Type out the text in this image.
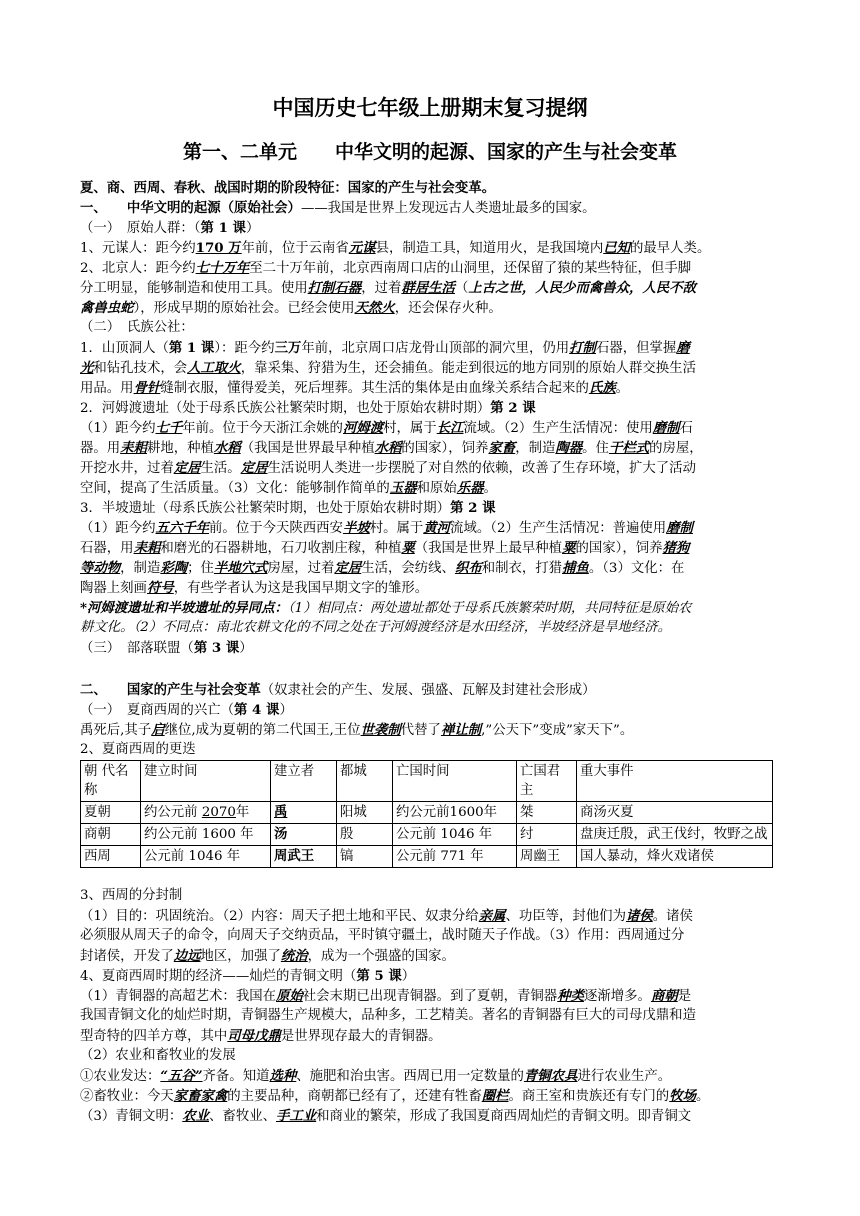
中国历史七年级上册期末复习提纲
第一、二单元　　中华文明的起源、国家的产生与社会变革
夏、商、西周、春秋、战国时期的阶段特征：国家的产生与社会变革。
一、　　中华文明的起源（原始社会）——我国是世界上发现远古人类遗址最多的国家。
（一）　原始人群：（第 1 课）
1、元谋人：距今约170 万年前，位于云南省元谋县，制造工具，知道用火，是我国境内已知的最早人类。
2、北京人：距今约七十万年至二十万年前，北京西南周口店的山洞里，还保留了猿的某些特征，但手脚
分工明显，能够制造和使用工具。使用打制石器，过着群居生活（上古之世，人民少而禽兽众，人民不敌
禽兽虫蛇），形成早期的原始社会。已经会使用天然火，还会保存火种。
（二）　氏族公社：
1．山顶洞人（第 1 课）：距今约三万年前，北京周口店龙骨山顶部的洞穴里，仍用打制石器，但掌握磨
光和钻孔技术，会人工取火，靠采集、狩猎为生，还会捕鱼。能走到很远的地方同别的原始人群交换生活
用品。用骨针缝制衣服，懂得爱美，死后埋葬。其生活的集体是由血缘关系结合起来的氏族。
2．河姆渡遗址（处于母系氏族公社繁荣时期，也处于原始农耕时期）第 2 课
（1）距今约七千年前。位于今天浙江余姚的河姆渡村，属于长江流域。（2）生产生活情况：使用磨制石
器。用耒耜耕地，种植水稻（我国是世界最早种植水稻的国家），饲养家畜，制造陶器。住干栏式的房屋，
开挖水井，过着定居生活。定居生活说明人类进一步摆脱了对自然的依赖，改善了生存环境，扩大了活动
空间，提高了生活质量。（3）文化：能够制作简单的玉器和原始乐器。
3．半坡遗址（母系氏族公社繁荣时期，也处于原始农耕时期）第 2 课
（1）距今约五六千年前。位于今天陕西西安半坡村。属于黄河流域。（2）生产生活情况：普遍使用磨制
石器，用耒耜和磨光的石器耕地，石刀收割庄稼，种植粟（我国是世界上最早种植粟的国家），饲养猪狗
等动物，制造彩陶；住半地穴式房屋，过着定居生活，会纺线、织布和制衣，打猎捕鱼。（3）文化：在
陶器上刻画符号，有些学者认为这是我国早期文字的雏形。
*河姆渡遗址和半坡遗址的异同点：（1）相同点：两处遗址都处于母系氏族繁荣时期，共同特征是原始农
耕文化。（2）不同点：南北农耕文化的不同之处在于河姆渡经济是水田经济，半坡经济是旱地经济。
（三）　部落联盟（第 3 课）
二、　　国家的产生与社会变革（奴隶社会的产生、发展、强盛、瓦解及封建社会形成）
（一）　夏商西周的兴亡（第 4 课）
禹死后,其子启继位,成为夏朝的第二代国王,王位世袭制代替了禅让制,”公天下”变成”家天下”。
2、夏商西周的更迭
朝 代名称	建立时间	建立者	都城	亡国时间	亡国君主	重大事件
夏朝	约公元前 2070年	禹	阳城	约公元前1600年	桀	商汤灭夏
商朝	约公元前 1600 年	汤	殷	公元前 1046 年	纣	盘庚迁殷，武王伐纣，牧野之战
西周	公元前 1046 年	周武王	镐	公元前 771 年	周幽王	国人暴动，烽火戏诸侯
3、西周的分封制
（1）目的：巩固统治。（2）内容：周天子把土地和平民、奴隶分给亲属、功臣等，封他们为诸侯。诸侯
必须服从周天子的命令，向周天子交纳贡品，平时镇守疆土，战时随天子作战。（3）作用：西周通过分
封诸侯，开发了边远地区，加强了统治，成为一个强盛的国家。
4、夏商西周时期的经济——灿烂的青铜文明（第 5 课）
（1）青铜器的高超艺术：我国在原始社会末期已出现青铜器。到了夏朝，青铜器种类逐渐增多。商朝是
我国青铜文化的灿烂时期，青铜器生产规模大，品种多，工艺精美。著名的青铜器有巨大的司母戊鼎和造
型奇特的四羊方尊，其中司母戊鼎是世界现存最大的青铜器。
（2）农业和畜牧业的发展
①农业发达：“五谷”齐备。知道选种、施肥和治虫害。西周已用一定数量的青铜农具进行农业生产。
②畜牧业：今天家畜家禽的主要品种，商朝都已经有了，还建有牲畜圈栏。商王室和贵族还有专门的牧场。
（3）青铜文明：农业、畜牧业、手工业和商业的繁荣，形成了我国夏商西周灿烂的青铜文明。即青铜文
